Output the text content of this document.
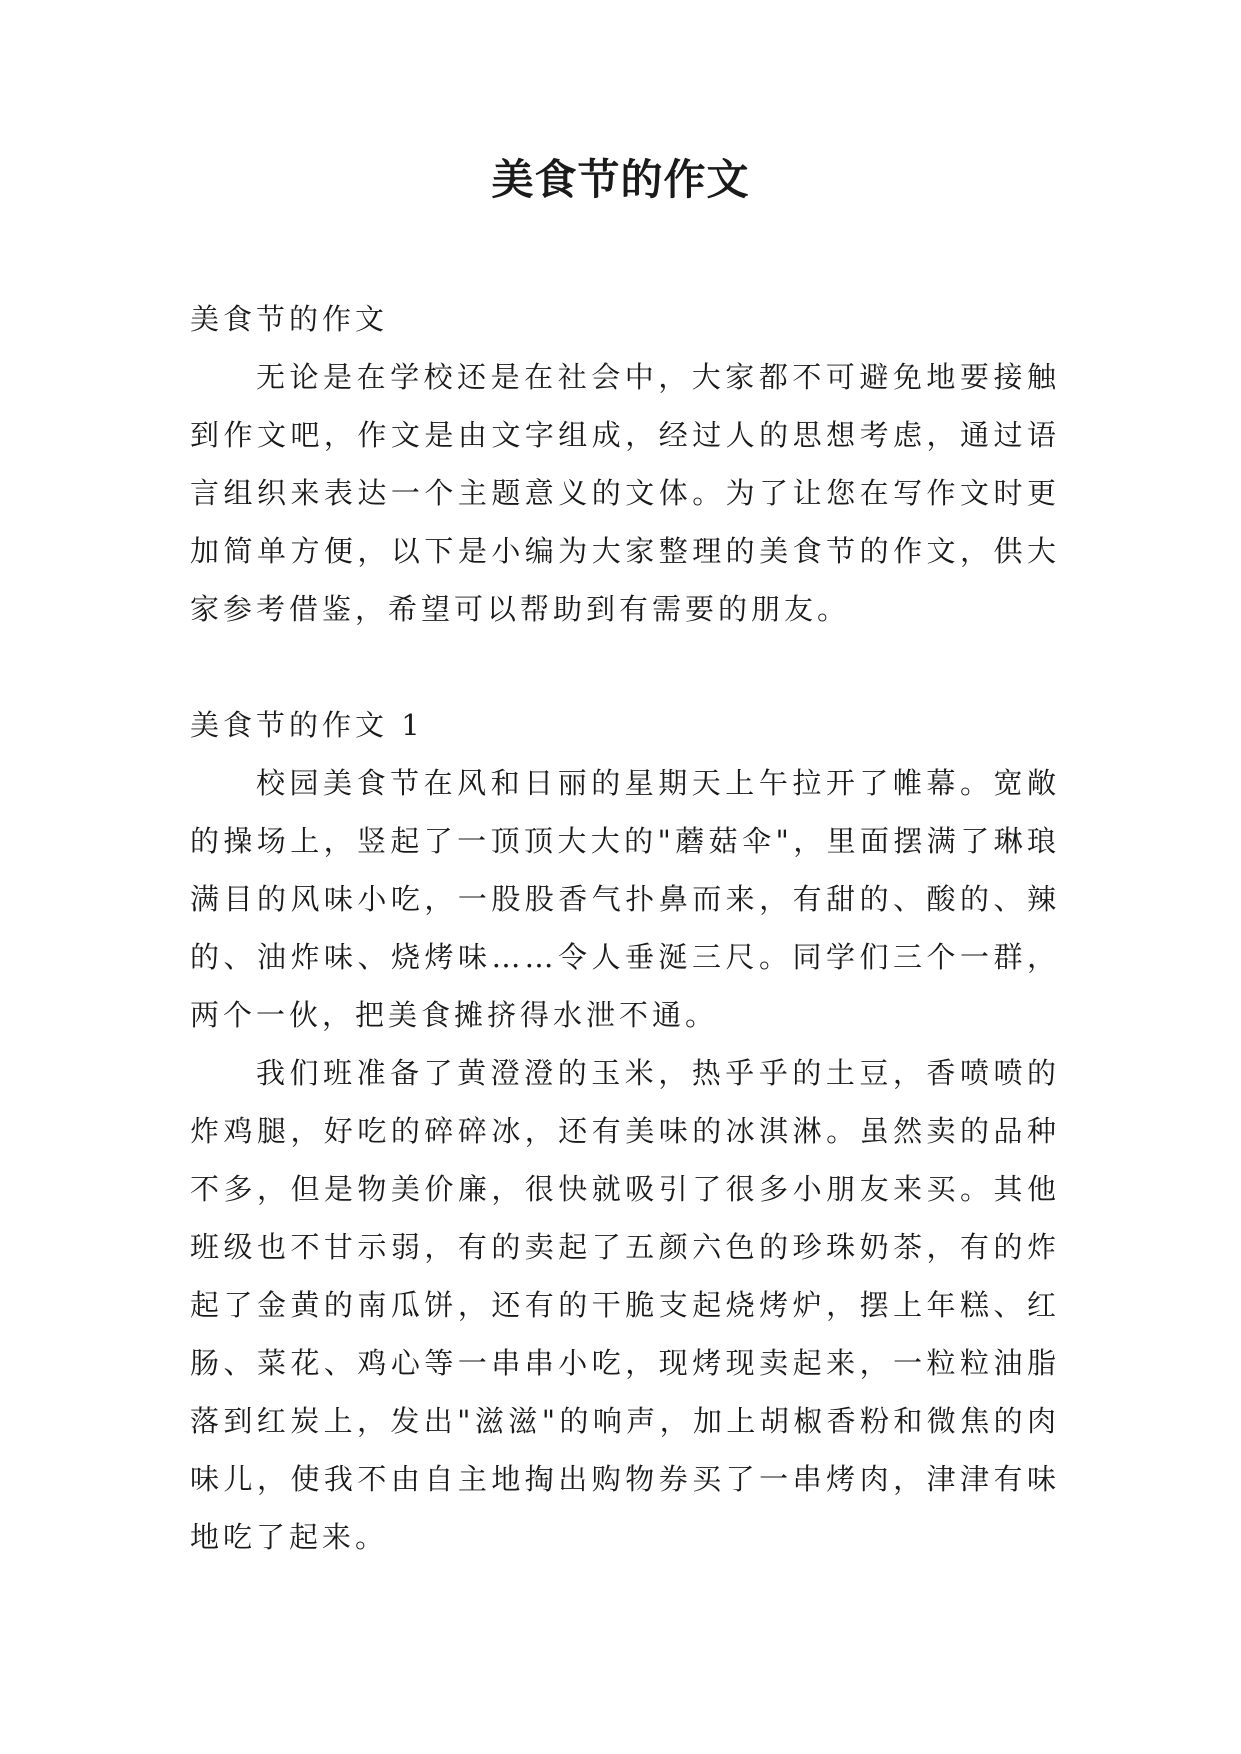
美食节的作文

美食节的作文

无论是在学校还是在社会中，大家都不可避免地要接触到作文吧，作文是由文字组成，经过人的思想考虑，通过语言组织来表达一个主题意义的文体。为了让您在写作文时更加简单方便，以下是小编为大家整理的美食节的作文，供大家参考借鉴，希望可以帮助到有需要的朋友。

美食节的作文 1

校园美食节在风和日丽的星期天上午拉开了帷幕。宽敞的操场上，竖起了一顶顶大大的"蘑菇伞"，里面摆满了琳琅满目的风味小吃，一股股香气扑鼻而来，有甜的、酸的、辣的、油炸味、烧烤味……令人垂涎三尺。同学们三个一群，两个一伙，把美食摊挤得水泄不通。

我们班准备了黄澄澄的玉米，热乎乎的土豆，香喷喷的炸鸡腿，好吃的碎碎冰，还有美味的冰淇淋。虽然卖的品种不多，但是物美价廉，很快就吸引了很多小朋友来买。其他班级也不甘示弱，有的卖起了五颜六色的珍珠奶茶，有的炸起了金黄的南瓜饼，还有的干脆支起烧烤炉，摆上年糕、红肠、菜花、鸡心等一串串小吃，现烤现卖起来，一粒粒油脂落到红炭上，发出"滋滋"的响声，加上胡椒香粉和微焦的肉味儿，使我不由自主地掏出购物券买了一串烤肉，津津有味地吃了起来。
